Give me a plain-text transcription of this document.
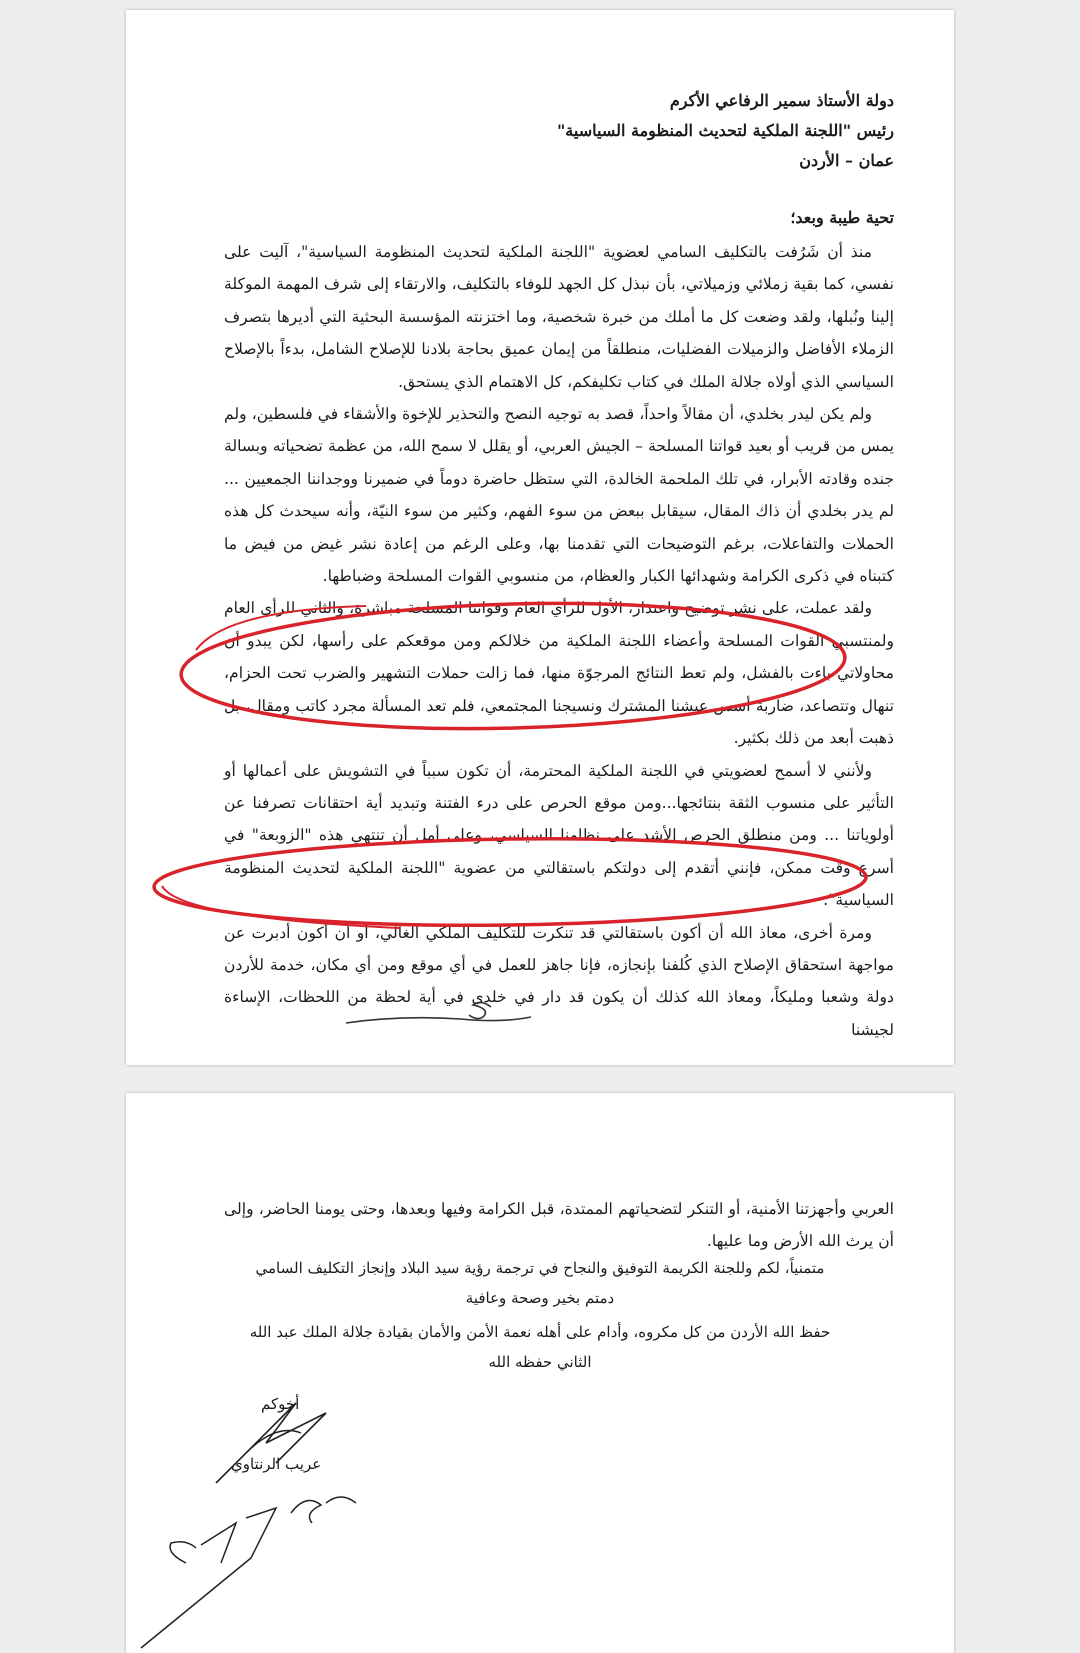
دولة الأستاذ سمير الرفاعي الأكرم
رئيس "اللجنة الملكية لتحديث المنظومة السياسية"
عمان – الأردن
تحية طيبة وبعد؛
منذ أن شَرُفت بالتكليف السامي لعضوية "اللجنة الملكية لتحديث المنظومة السياسية"، آليت على نفسي، كما بقية زملائي وزميلاتي، بأن نبذل كل الجهد للوفاء بالتكليف، والارتقاء إلى شرف المهمة الموكلة إلينا ونُبلها، ولقد وضعت كل ما أملك من خبرة شخصية، وما اختزنته المؤسسة البحثية التي أديرها بتصرف الزملاء الأفاضل والزميلات الفضليات، منطلقاً من إيمان عميق بحاجة بلادنا للإصلاح الشامل، بدءاً بالإصلاح السياسي الذي أولاه جلالة الملك في كتاب تكليفكم، كل الاهتمام الذي يستحق.
ولم يكن ليدر بخلدي، أن مقالاً واحداً، قصد به توجيه النصح والتحذير للإخوة والأشقاء في فلسطين، ولم يمس من قريب أو بعيد قواتنا المسلحة – الجيش العربي، أو يقلل لا سمح الله، من عظمة تضحياته وبسالة جنده وقادته الأبرار، في تلك الملحمة الخالدة، التي ستظل حاضرة دوماً في ضميرنا ووجداننا الجمعيين ... لم يدر بخلدي أن ذاك المقال، سيقابل ببعض من سوء الفهم، وكثير من سوء النيّة، وأنه سيحدث كل هذه الحملات والتفاعلات، برغم التوضيحات التي تقدمنا بها، وعلى الرغم من إعادة نشر غيض من فيض ما كتبناه في ذكرى الكرامة وشهدائها الكبار والعظام، من منسوبي القوات المسلحة وضباطها.
ولقد عملت، على نشر توضيح واعتذار، الأول للرأي العام وقواتنا المسلحة مباشرة، والثاني للرأي العام ولمنتسبي القوات المسلحة وأعضاء اللجنة الملكية من خلالكم ومن موقعكم على رأسها، لكن يبدو أن محاولاتي باءت بالفشل، ولم تعط النتائج المرجوّة منها، فما زالت حملات التشهير والضرب تحت الحزام، تنهال وتتصاعد، ضاربة أسس عيشنا المشترك ونسيجنا المجتمعي، فلم تعد المسألة مجرد كاتب ومقال، بل ذهبت أبعد من ذلك بكثير.
ولأنني لا أسمح لعضويتي في اللجنة الملكية المحترمة، أن تكون سبباً في التشويش على أعمالها أو التأثير على منسوب الثقة بنتائجها...ومن موقع الحرص على درء الفتنة وتبديد أية احتقانات تصرفنا عن أولوياتنا ... ومن منطلق الحرص الأشد على نظامنا السياسي، وعلى أمل أن تنتهي هذه "الزوبعة" في أسرع وقت ممكن، فإنني أتقدم إلى دولتكم باستقالتي من عضوية "اللجنة الملكية لتحديث المنظومة السياسية".
ومرة أخرى، معاذ الله أن أكون باستقالتي قد تنكرت للتكليف الملكي الغالي، أو أن أكون أدبرت عن مواجهة استحقاق الإصلاح الذي كُلفنا بإنجازه، فإنا جاهز للعمل في أي موقع ومن أي مكان، خدمة للأردن دولة وشعبا ومليكاً، ومعاذ الله كذلك أن يكون قد دار في خلدي في أية لحظة من اللحظات، الإساءة لجيشنا
العربي وأجهزتنا الأمنية، أو التنكر لتضحياتهم الممتدة، قبل الكرامة وفيها وبعدها، وحتى يومنا الحاضر، وإلى أن يرث الله الأرض وما عليها.
متمنياً، لكم وللجنة الكريمة التوفيق والنجاح في ترجمة رؤية سيد البلاد وإنجاز التكليف السامي
دمتم بخير وصحة وعافية
حفظ الله الأردن من كل مكروه، وأدام على أهله نعمة الأمن والأمان بقيادة جلالة الملك عبد الله
الثاني حفظه الله
أخوكم
عريب الرنتاوي
